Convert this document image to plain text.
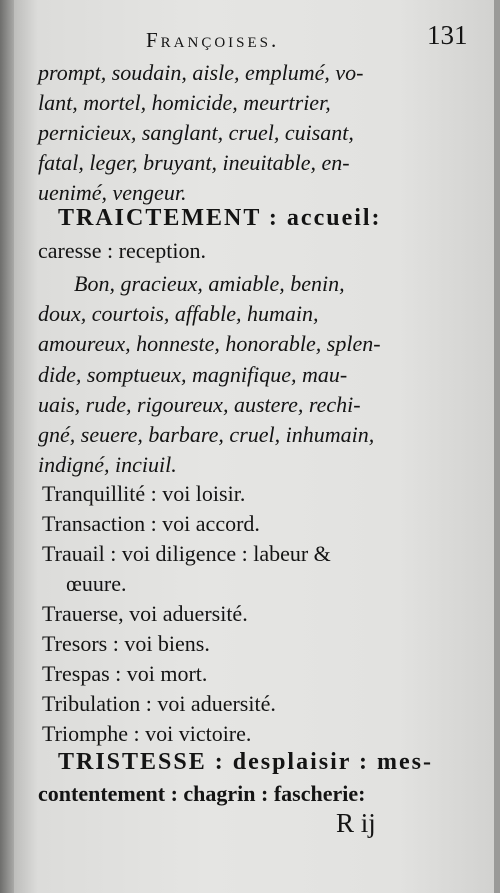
Françoises.	131
prompt, soudain, aisle, emplumé, vo-
lant, mortel, homicide, meurtrier,
pernicieux, sanglant, cruel, cuisant,
fatal, leger, bruyant, ineuitable, en-
uenimé, vengeur.
TRAICTEMENT : accueil:
caresse : reception.
Bon, gracieux, amiable, benin,
doux, courtois, affable, humain,
amoureux, honneste, honorable, splen-
dide, somptueux, magnifique, mau-
uais, rude, rigoureux, austere, rechi-
gné, seuere, barbare, cruel, inhumain,
indigné, inciuil.
Tranquillité : voi loisir.
Transaction : voi accord.
Trauail : voi diligence : labeur &
œuure.
Trauerse, voi aduersité.
Tresors : voi biens.
Trespas : voi mort.
Tribulation : voi aduersité.
Triomphe : voi victoire.
TRISTESSE : desplaisir : mes-
contentement : chagrin : fascherie:
R ij
